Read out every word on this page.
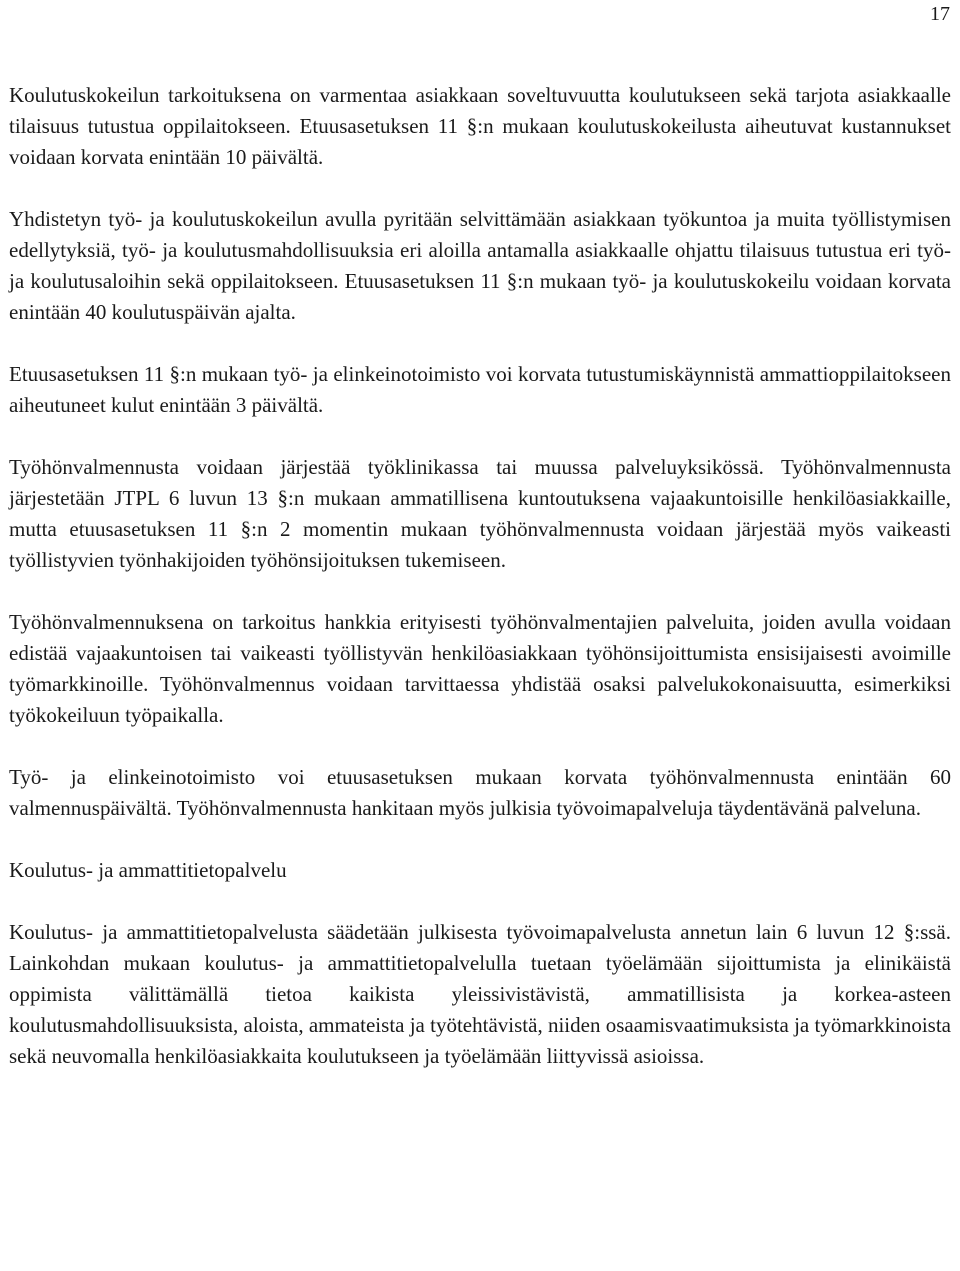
17

Koulutuskokeilun tarkoituksena on varmentaa asiakkaan soveltuvuutta koulutukseen sekä tarjota asiakkaalle tilaisuus tutustua oppilaitokseen. Etuusasetuksen 11 §:n mukaan koulutuskokeilusta aiheutuvat kustannukset voidaan korvata enintään 10 päivältä.

Yhdistetyn työ- ja koulutuskokeilun avulla pyritään selvittämään asiakkaan työkuntoa ja muita työllistymisen edellytyksiä, työ- ja koulutusmahdollisuuksia eri aloilla antamalla asiakkaalle ohjattu tilaisuus tutustua eri työ- ja koulutusaloihin sekä oppilaitokseen. Etuusasetuksen 11 §:n mukaan työ- ja koulutuskokeilu voidaan korvata enintään 40 koulutuspäivän ajalta.

Etuusasetuksen 11 §:n mukaan työ- ja elinkeinotoimisto voi korvata tutustumiskäynnistä ammattioppilaitokseen aiheutuneet kulut enintään 3 päivältä.

Työhönvalmennusta voidaan järjestää työklinikassa tai muussa palveluyksikössä. Työhönvalmennusta järjestetään JTPL 6 luvun 13 §:n mukaan ammatillisena kuntoutuksena vajaakuntoisille henkilöasiakkaille, mutta etuusasetuksen 11 §:n 2 momentin mukaan työhönvalmennusta voidaan järjestää myös vaikeasti työllistyvien työnhakijoiden työhönsijoituksen tukemiseen.

Työhönvalmennuksena on tarkoitus hankkia erityisesti työhönvalmentajien palveluita, joiden avulla voidaan edistää vajaakuntoisen tai vaikeasti työllistyvän henkilöasiakkaan työhönsijoittumista ensisijaisesti avoimille työmarkkinoille. Työhönvalmennus voidaan tarvittaessa yhdistää osaksi palvelukokonaisuutta, esimerkiksi työkokeiluun työpaikalla.

Työ- ja elinkeinotoimisto voi etuusasetuksen mukaan korvata työhönvalmennusta enintään 60 valmennuspäivältä. Työhönvalmennusta hankitaan myös julkisia työvoimapalveluja täydentävänä palveluna.

Koulutus- ja ammattitietopalvelu

Koulutus- ja ammattitietopalvelusta säädetään julkisesta työvoimapalvelusta annetun lain 6 luvun 12 §:ssä. Lainkohdan mukaan koulutus- ja ammattitietopalvelulla tuetaan työelämään sijoittumista ja elinikäistä oppimista välittämällä tietoa kaikista yleissivistävistä, ammatillisista ja korkea-asteen koulutusmahdollisuuksista, aloista, ammateista ja työtehtävistä, niiden osaamisvaatimuksista ja työmarkkinoista sekä neuvomalla henkilöasiakkaita koulutukseen ja työelämään liittyvissä asioissa.
